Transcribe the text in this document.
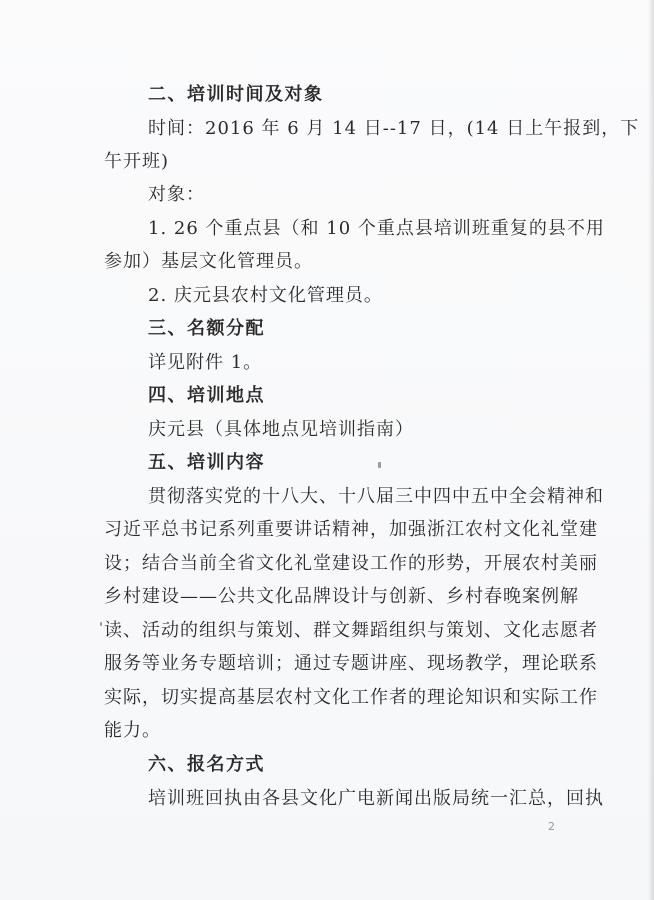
二、培训时间及对象
时间：2016 年 6 月 14 日--17 日，(14 日上午报到，下
午开班)
对象：
1. 26 个重点县（和 10 个重点县培训班重复的县不用
参加）基层文化管理员。
2. 庆元县农村文化管理员。
三、名额分配
详见附件 1。
四、培训地点
庆元县（具体地点见培训指南）
五、培训内容
贯彻落实党的十八大、十八届三中四中五中全会精神和
习近平总书记系列重要讲话精神，加强浙江农村文化礼堂建
设；结合当前全省文化礼堂建设工作的形势，开展农村美丽
乡村建设——公共文化品牌设计与创新、乡村春晚案例解
读、活动的组织与策划、群文舞蹈组织与策划、文化志愿者
服务等业务专题培训；通过专题讲座、现场教学，理论联系
实际，切实提高基层农村文化工作者的理论知识和实际工作
能力。
六、报名方式
培训班回执由各县文化广电新闻出版局统一汇总，回执
2
